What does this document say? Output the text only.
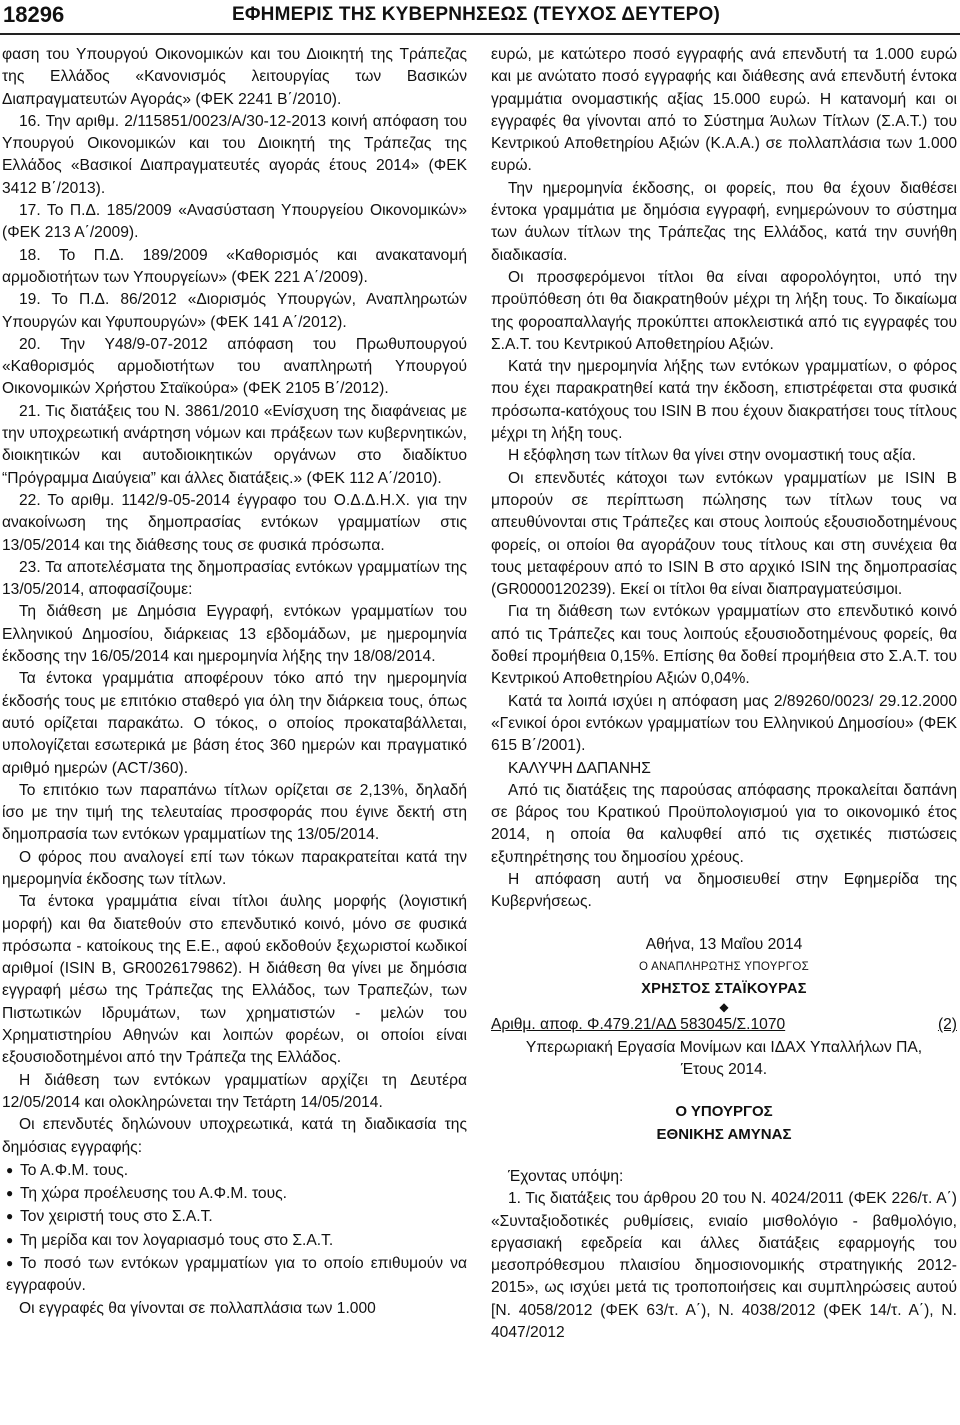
18296	ΕΦΗΜΕΡΙΣ ΤΗΣ ΚΥΒΕΡΝΗΣΕΩΣ (ΤΕΥΧΟΣ ΔΕΥΤΕΡΟ)

φαση του Υπουργού Οικονομικών και του Διοικητή της Τράπεζας της Ελλάδος «Κανονισμός λειτουργίας των Βασικών Διαπραγματευτών Αγοράς» (ΦΕΚ 2241 Β΄/2010).

16. Την αριθμ. 2/115851/0023/Α/30-12-2013 κοινή απόφαση του Υπουργού Οικονομικών και του Διοικητή της Τράπεζας της Ελλάδος «Βασικοί Διαπραγματευτές αγοράς έτους 2014» (ΦΕΚ 3412 Β΄/2013).

17. Το Π.Δ. 185/2009 «Ανασύσταση Υπουργείου Οικονομικών» (ΦΕΚ 213 Α΄/2009).

18. Το Π.Δ. 189/2009 «Καθορισμός και ανακατανομή αρμοδιοτήτων των Υπουργείων» (ΦΕΚ 221 Α΄/2009).

19. Το Π.Δ. 86/2012 «Διορισμός Υπουργών, Αναπληρωτών Υπουργών και Υφυπουργών» (ΦΕΚ 141 Α΄/2012).

20. Την Υ48/9-07-2012 απόφαση του Πρωθυπουργού «Καθορισμός αρμοδιοτήτων του αναπληρωτή Υπουργού Οικονομικών Χρήστου Σταϊκούρα» (ΦΕΚ 2105 Β΄/2012).

21. Τις διατάξεις του Ν. 3861/2010 «Ενίσχυση της διαφάνειας με την υποχρεωτική ανάρτηση νόμων και πράξεων των κυβερνητικών, διοικητικών και αυτοδιοικητικών οργάνων στο διαδίκτυο “Πρόγραμμα Διαύγεια” και άλλες διατάξεις.» (ΦΕΚ 112 Α΄/2010).

22. Το αριθμ. 1142/9-05-2014 έγγραφο του Ο.Δ.Δ.Η.Χ. για την ανακοίνωση της δημοπρασίας εντόκων γραμματίων στις 13/05/2014 και της διάθεσης τους σε φυσικά πρόσωπα.

23. Τα αποτελέσματα της δημοπρασίας εντόκων γραμματίων της 13/05/2014, αποφασίζουμε:

Τη διάθεση με Δημόσια Εγγραφή, εντόκων γραμματίων του Ελληνικού Δημοσίου, διάρκειας 13 εβδομάδων, με ημερομηνία έκδοσης την 16/05/2014 και ημερομηνία λήξης την 18/08/2014.

Τα έντοκα γραμμάτια αποφέρουν τόκο από την ημερομηνία έκδοσής τους με επιτόκιο σταθερό για όλη την διάρκεια τους, όπως αυτό ορίζεται παρακάτω. Ο τόκος, ο οποίος προκαταβάλλεται, υπολογίζεται εσωτερικά με βάση έτος 360 ημερών και πραγματικό αριθμό ημερών (ACT/360).

Το επιτόκιο των παραπάνω τίτλων ορίζεται σε 2,13%, δηλαδή ίσο με την τιμή της τελευταίας προσφοράς που έγινε δεκτή στη δημοπρασία των εντόκων γραμματίων της 13/05/2014.

Ο φόρος που αναλογεί επί των τόκων παρακρατείται κατά την ημερομηνία έκδοσης των τίτλων.

Τα έντοκα γραμμάτια είναι τίτλοι άυλης μορφής (λογιστική μορφή) και θα διατεθούν στο επενδυτικό κοινό, μόνο σε φυσικά πρόσωπα - κατοίκους της Ε.Ε., αφού εκδοθούν ξεχωριστοί κωδικοί αριθμοί (ISIN B, GR0026179862). Η διάθεση θα γίνει με δημόσια εγγραφή μέσω της Τράπεζας της Ελλάδος, των Τραπεζών, των Πιστωτικών Ιδρυμάτων, των χρηματιστών - μελών του Χρηματιστηρίου Αθηνών και λοιπών φορέων, οι οποίοι είναι εξουσιοδοτημένοι από την Τράπεζα της Ελλάδος.

Η διάθεση των εντόκων γραμματίων αρχίζει τη Δευτέρα 12/05/2014 και ολοκληρώνεται την Τετάρτη 14/05/2014.

Οι επενδυτές δηλώνουν υποχρεωτικά, κατά τη διαδικασία της δημόσιας εγγραφής:

● Το Α.Φ.Μ. τους.

● Τη χώρα προέλευσης του Α.Φ.Μ. τους.

● Τον χειριστή τους στο Σ.Α.Τ.

● Τη μερίδα και τον λογαριασμό τους στο Σ.Α.Τ.

● Το ποσό των εντόκων γραμματίων για το οποίο επιθυμούν να εγγραφούν.

Οι εγγραφές θα γίνονται σε πολλαπλάσια των 1.000

ευρώ, με κατώτερο ποσό εγγραφής ανά επενδυτή τα 1.000 ευρώ και με ανώτατο ποσό εγγραφής και διάθεσης ανά επενδυτή έντοκα γραμμάτια ονομαστικής αξίας 15.000 ευρώ. Η κατανομή και οι εγγραφές θα γίνονται από το Σύστημα Άυλων Τίτλων (Σ.Α.Τ.) του Κεντρικού Αποθετηρίου Αξιών (Κ.Α.Α.) σε πολλαπλάσια των 1.000 ευρώ.

Την ημερομηνία έκδοσης, οι φορείς, που θα έχουν διαθέσει έντοκα γραμμάτια με δημόσια εγγραφή, ενημερώνουν το σύστημα των άυλων τίτλων της Τράπεζας της Ελλάδος, κατά την συνήθη διαδικασία.

Οι προσφερόμενοι τίτλοι θα είναι αφορολόγητοι, υπό την προϋπόθεση ότι θα διακρατηθούν μέχρι τη λήξη τους. Το δικαίωμα της φοροαπαλλαγής προκύπτει αποκλειστικά από τις εγγραφές του Σ.Α.Τ. του Κεντρικού Αποθετηρίου Αξιών.

Κατά την ημερομηνία λήξης των εντόκων γραμματίων, ο φόρος που έχει παρακρατηθεί κατά την έκδοση, επιστρέφεται στα φυσικά πρόσωπα-κατόχους του ISIN B που έχουν διακρατήσει τους τίτλους μέχρι τη λήξη τους.

Η εξόφληση των τίτλων θα γίνει στην ονομαστική τους αξία.

Οι επενδυτές κάτοχοι των εντόκων γραμματίων με ISIN B μπορούν σε περίπτωση πώλησης των τίτλων τους να απευθύνονται στις Τράπεζες και στους λοιπούς εξουσιοδοτημένους φορείς, οι οποίοι θα αγοράζουν τους τίτλους και στη συνέχεια θα τους μεταφέρουν από το ISIN B στο αρχικό ISIN της δημοπρασίας (GR0000120239). Εκεί οι τίτλοι θα είναι διαπραγματεύσιμοι.

Για τη διάθεση των εντόκων γραμματίων στο επενδυτικό κοινό από τις Τράπεζες και τους λοιπούς εξουσιοδοτημένους φορείς, θα δοθεί προμήθεια 0,15%. Επίσης θα δοθεί προμήθεια στο Σ.Α.Τ. του Κεντρικού Αποθετηρίου Αξιών 0,04%.

Κατά τα λοιπά ισχύει η απόφαση μας 2/89260/0023/ 29.12.2000 «Γενικοί όροι εντόκων γραμματίων του Ελληνικού Δημοσίου» (ΦΕΚ 615 Β΄/2001).

ΚΑΛΥΨΗ ΔΑΠΑΝΗΣ

Από τις διατάξεις της παρούσας απόφασης προκαλείται δαπάνη σε βάρος του Κρατικού Προϋπολογισμού για το οικονομικό έτος 2014, η οποία θα καλυφθεί από τις σχετικές πιστώσεις εξυπηρέτησης του δημοσίου χρέους.

Η απόφαση αυτή να δημοσιευθεί στην Εφημερίδα της Κυβερνήσεως.

Αθήνα, 13 Μαΐου 2014

Ο ΑΝΑΠΛΗΡΩΤΗΣ ΥΠΟΥΡΓΟΣ

ΧΡΗΣΤΟΣ ΣΤΑΪΚΟΥΡΑΣ

◆

Αριθμ. αποφ. Φ.479.21/ΑΔ 583045/Σ.1070	(2)

Υπερωριακή Εργασία Μονίμων και ΙΔΑΧ Υπαλλήλων ΠΑ, Έτους 2014.

Ο ΥΠΟΥΡΓΟΣ

ΕΘΝΙΚΗΣ ΑΜΥΝΑΣ

Έχοντας υπόψη:

1. Τις διατάξεις του άρθρου 20 του Ν. 4024/2011 (ΦΕΚ 226/τ. Α΄) «Συνταξιοδοτικές ρυθμίσεις, ενιαίο μισθολόγιο - βαθμολόγιο, εργασιακή εφεδρεία και άλλες διατάξεις εφαρμογής του μεσοπρόθεσμου πλαισίου δημοσιονομικής στρατηγικής 2012-2015», ως ισχύει μετά τις τροποποιήσεις και συμπληρώσεις αυτού [Ν. 4058/2012 (ΦΕΚ 63/τ. Α΄), Ν. 4038/2012 (ΦΕΚ 14/τ. Α΄), Ν. 4047/2012
